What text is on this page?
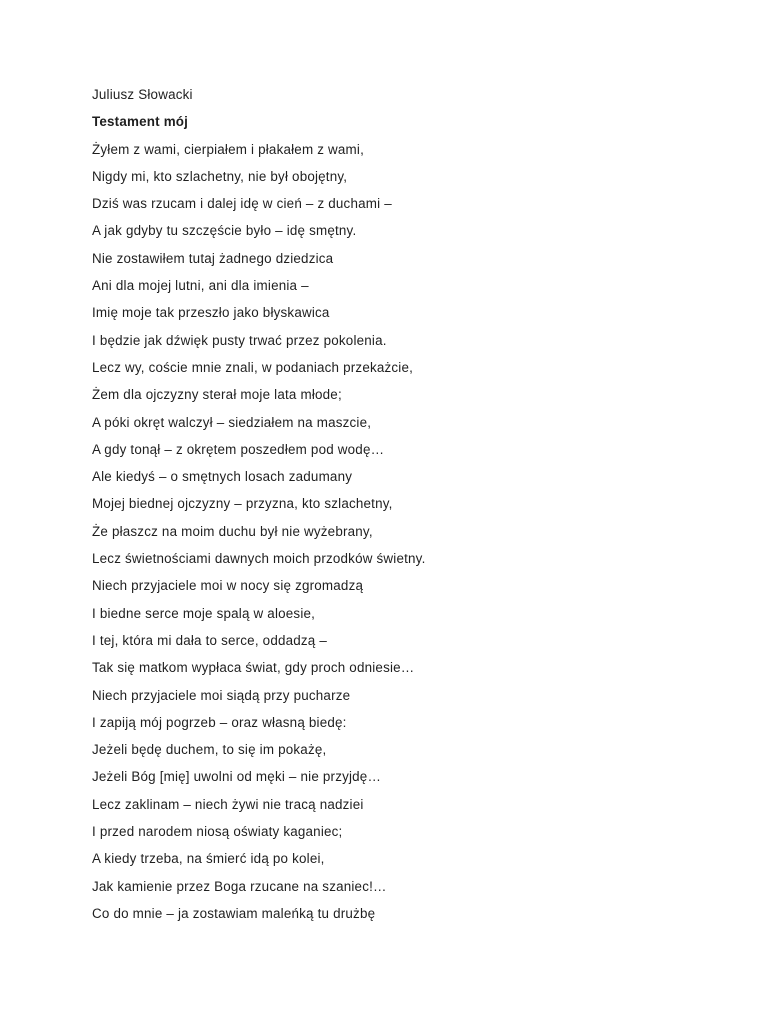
Juliusz Słowacki
Testament mój
Żyłem z wami, cierpiałem i płakałem z wami,
Nigdy mi, kto szlachetny, nie był obojętny,
Dziś was rzucam i dalej idę w cień – z duchami –
A jak gdyby tu szczęście było – idę smętny.
Nie zostawiłem tutaj żadnego dziedzica
Ani dla mojej lutni, ani dla imienia –
Imię moje tak przeszło jako błyskawica
I będzie jak dźwięk pusty trwać przez pokolenia.
Lecz wy, coście mnie znali, w podaniach przekażcie,
Żem dla ojczyzny sterał moje lata młode;
A póki okręt walczył – siedziałem na maszcie,
A gdy tonął – z okrętem poszedłem pod wodę…
Ale kiedyś – o smętnych losach zadumany
Mojej biednej ojczyzny – przyzna, kto szlachetny,
Że płaszcz na moim duchu był nie wyżebrany,
Lecz świetnościami dawnych moich przodków świetny.
Niech przyjaciele moi w nocy się zgromadzą
I biedne serce moje spalą w aloesie,
I tej, która mi dała to serce, oddadzą –
Tak się matkom wypłaca świat, gdy proch odniesie…
Niech przyjaciele moi siądą przy pucharze
I zapiją mój pogrzeb – oraz własną biedę:
Jeżeli będę duchem, to się im pokażę,
Jeżeli Bóg [mię] uwolni od męki – nie przyjdę…
Lecz zaklinam – niech żywi nie tracą nadziei
I przed narodem niosą oświaty kaganiec;
A kiedy trzeba, na śmierć idą po kolei,
Jak kamienie przez Boga rzucane na szaniec!…
Co do mnie – ja zostawiam maleńką tu drużbę
